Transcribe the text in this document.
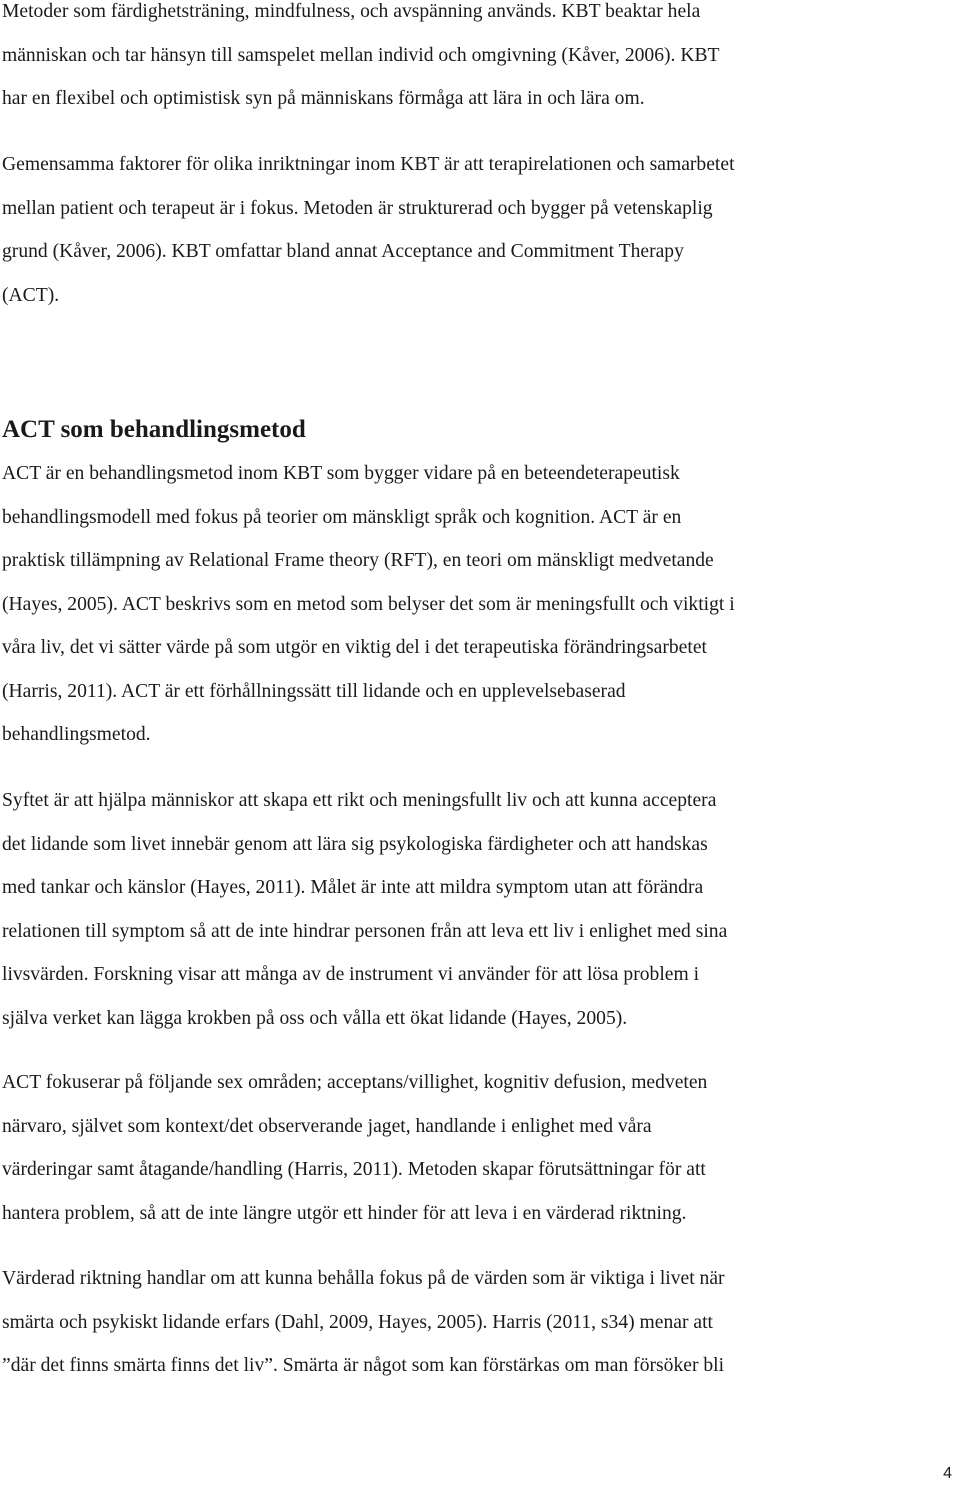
Metoder som färdighetsträning, mindfulness, och avspänning används. KBT beaktar hela
människan och tar hänsyn till samspelet mellan individ och omgivning (Kåver, 2006). KBT
har en flexibel och optimistisk syn på människans förmåga att lära in och lära om.

Gemensamma faktorer för olika inriktningar inom KBT är att terapirelationen och samarbetet
mellan patient och terapeut är i fokus. Metoden är strukturerad och bygger på vetenskaplig
grund (Kåver, 2006). KBT omfattar bland annat Acceptance and Commitment Therapy
(ACT).

ACT som behandlingsmetod

ACT är en behandlingsmetod inom KBT som bygger vidare på en beteendeterapeutisk
behandlingsmodell med fokus på teorier om mänskligt språk och kognition. ACT är en
praktisk tillämpning av Relational Frame theory (RFT), en teori om mänskligt medvetande
(Hayes, 2005). ACT beskrivs som en metod som belyser det som är meningsfullt och viktigt i
våra liv, det vi sätter värde på som utgör en viktig del i det terapeutiska förändringsarbetet
(Harris, 2011). ACT är ett förhållningssätt till lidande och en upplevelsebaserad
behandlingsmetod.

Syftet är att hjälpa människor att skapa ett rikt och meningsfullt liv och att kunna acceptera
det lidande som livet innebär genom att lära sig psykologiska färdigheter och att handskas
med tankar och känslor (Hayes, 2011). Målet är inte att mildra symptom utan att förändra
relationen till symptom så att de inte hindrar personen från att leva ett liv i enlighet med sina
livsvärden. Forskning visar att många av de instrument vi använder för att lösa problem i
själva verket kan lägga krokben på oss och vålla ett ökat lidande (Hayes, 2005).

ACT fokuserar på följande sex områden; acceptans/villighet, kognitiv defusion, medveten
närvaro, självet som kontext/det observerande jaget, handlande i enlighet med våra
värderingar samt åtagande/handling (Harris, 2011). Metoden skapar förutsättningar för att
hantera problem, så att de inte längre utgör ett hinder för att leva i en värderad riktning.

Värderad riktning handlar om att kunna behålla fokus på de värden som är viktiga i livet när
smärta och psykiskt lidande erfars (Dahl, 2009, Hayes, 2005). Harris (2011, s34) menar att
”där det finns smärta finns det liv”. Smärta är något som kan förstärkas om man försöker bli

4
